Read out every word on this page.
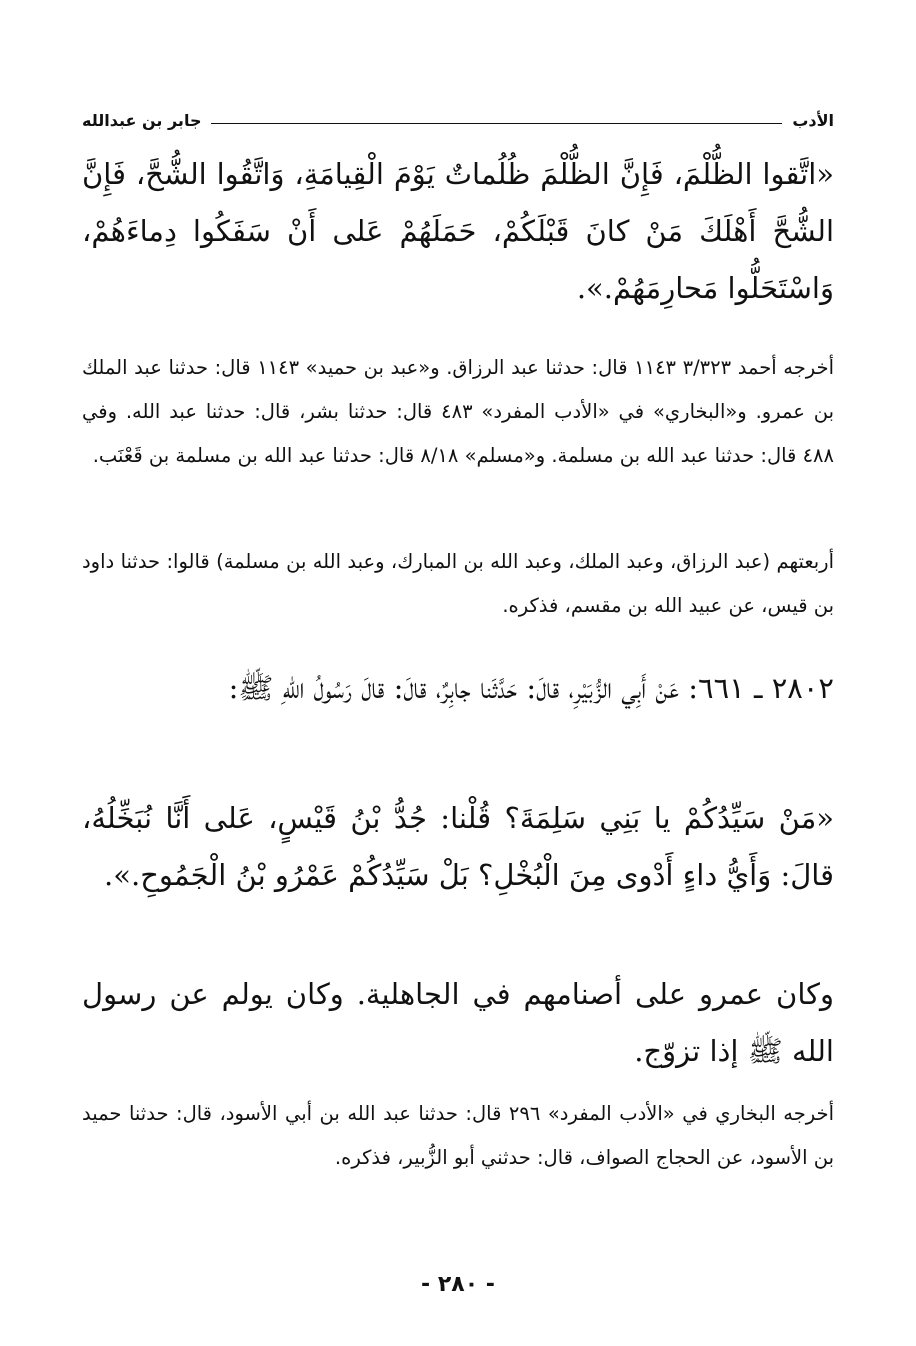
الأدب
جابر بن عبدالله

«اتَّقوا الظُّلْمَ، فَإِنَّ الظُّلْمَ ظُلُماتٌ يَوْمَ الْقِيامَةِ، وَاتَّقُوا الشُّحَّ، فَإِنَّ الشُّحَّ أَهْلَكَ مَنْ كانَ قَبْلَكُمْ، حَمَلَهُمْ عَلى أَنْ سَفَكُوا دِماءَهُمْ، وَاسْتَحَلُّوا مَحارِمَهُمْ.».

أخرجه أحمد ٣/٣٢٣ ١١٤٣ قال: حدثنا عبد الرزاق. و«عبد بن حميد» ١١٤٣ قال: حدثنا عبد الملك بن عمرو. و«البخاري» في «الأدب المفرد» ٤٨٣ قال: حدثنا بشر، قال: حدثنا عبد الله. وفي ٤٨٨ قال: حدثنا عبد الله بن مسلمة. و«مسلم» ٨/١٨ قال: حدثنا عبد الله بن مسلمة بن قَعْنَب.

أربعتهم (عبد الرزاق، وعبد الملك، وعبد الله بن المبارك، وعبد الله بن مسلمة) قالوا: حدثنا داود بن قيس، عن عبيد الله بن مقسم، فذكره.

٢٨٠٢ ـ ٦٦١: عَنْ أَبِي الزُّبَيْرِ، قالَ: حَدَّثَنا جابِرٌ، قالَ: قالَ رَسُولُ اللهِ ﷺ:

«مَنْ سَيِّدُكُمْ يا بَنِي سَلِمَةَ؟ قُلْنا: جُدُّ بْنُ قَيْسٍ، عَلى أَنَّا نُبَخِّلُهُ، قالَ: وَأَيُّ داءٍ أَدْوى مِنَ الْبُخْلِ؟ بَلْ سَيِّدُكُمْ عَمْرُو بْنُ الْجَمُوحِ.».

وكان عمرو على أصنامهم في الجاهلية. وكان يولم عن رسول الله ﷺ إذا تزوّج.

أخرجه البخاري في «الأدب المفرد» ٢٩٦ قال: حدثنا عبد الله بن أبي الأسود، قال: حدثنا حميد بن الأسود، عن الحجاج الصواف، قال: حدثني أبو الزُّبير، فذكره.

- ٢٨٠ -
